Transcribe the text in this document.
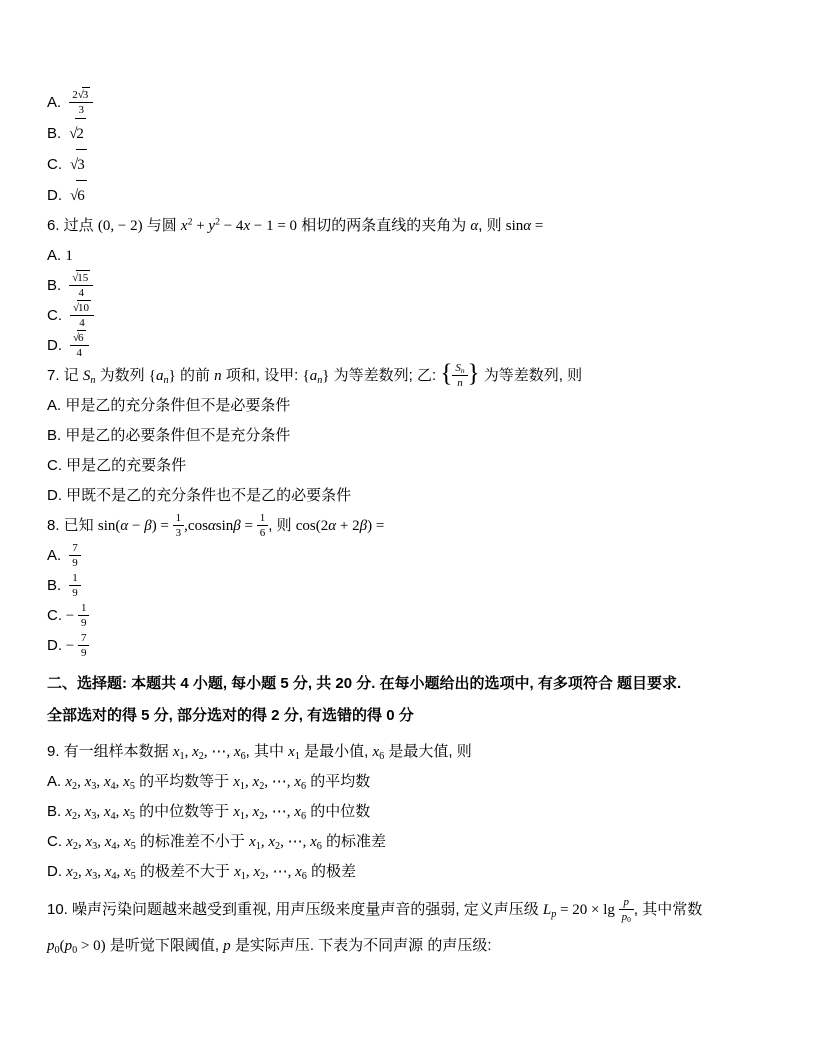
A. $\frac{2√3}{3}$
B. √2
C. √3
D. √6
6. 过点 (0, − 2) 与圆 $x^2 + y^2 - 4x - 1 = 0$ 相切的两条直线的夹角为 α, 则 sinα =
A. 1
B. $\frac{√15}{4}$
C. $\frac{√10}{4}$
D. $\frac{√6}{4}$
7. 记 $S_n$ 为数列 $\{a_n\}$ 的前 n 项和, 设甲: $\{a_n\}$ 为等差数列; 乙: { $\frac{S_n}{n}$ } 为等差数列, 则
A. 甲是乙的充分条件但不是必要条件
B. 甲是乙的必要条件但不是充分条件
C. 甲是乙的充要条件
D. 甲既不是乙的充分条件也不是乙的必要条件
8. 已知 $\sin(\alpha - \beta) = \frac{1}{3} ,\cos\alpha\sin\beta = \frac{1}{6}$ , 则 cos(2α + 2β) =
A. $\frac{7}{9}$
B. $\frac{1}{9}$
C. − $\frac{1}{9}$
D. − $\frac{7}{9}$
二、选择题: 本题共 4 小题, 每小题 5 分, 共 20 分. 在每小题给出的选项中, 有多项符合 题目要求.
全部选对的得 5 分, 部分选对的得 2 分, 有选错的得 0 分
9. 有一组样本数据 $x_1$, $x_2$, ⋯, $x_6$, 其中 $x_1$ 是最小值, $x_6$ 是最大值, 则
A. $x_2$, $x_3$, $x_4$, $x_5$ 的平均数等于 $x_1$, $x_2$, ⋯, $x_6$ 的平均数
B. $x_2$, $x_3$, $x_4$, $x_5$ 的中位数等于 $x_1$, $x_2$, ⋯, $x_6$ 的中位数
C. $x_2$, $x_3$, $x_4$, $x_5$ 的标准差不小于 $x_1$, $x_2$, ⋯, $x_6$ 的标准差
D. $x_2$, $x_3$, $x_4$, $x_5$ 的极差不大于 $x_1$, $x_2$, ⋯, $x_6$ 的极差
10. 噪声污染问题越来越受到重视, 用声压级来度量声音的强弱, 定义声压级 $L_p = 20 \times \lg \frac{p}{p_0}$ , 其中常数
$p_0(p_0 > 0)$ 是听觉下限阈值, p 是实际声压. 下表为不同声源 的声压级:
